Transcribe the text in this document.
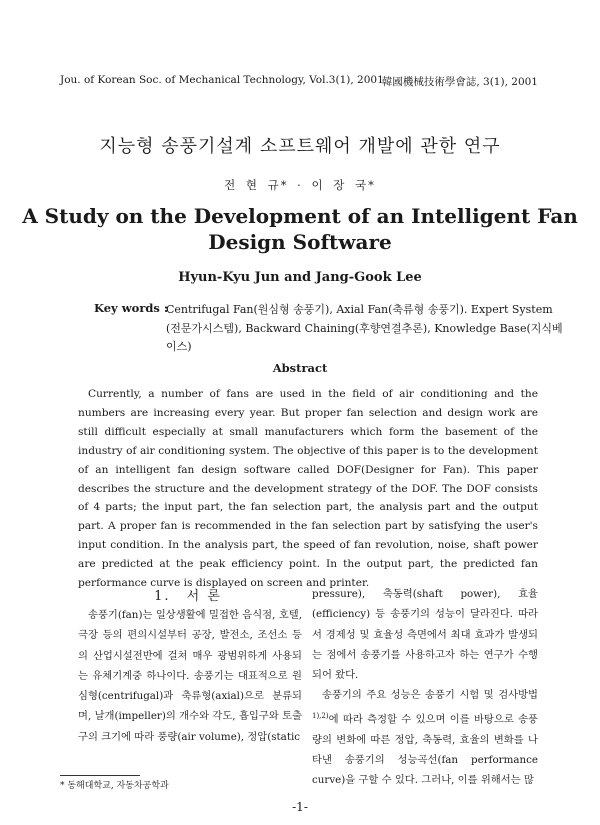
Jou. of Korean Soc. of Mechanical Technology, Vol.3(1), 2001
韓國機械技術學會誌, 3(1), 2001
지능형 송풍기설계 소프트웨어 개발에 관한 연구
전 현 규* · 이 장 국*
A Study on the Development of an Intelligent Fan Design Software
Hyun-Kyu Jun and Jang-Gook Lee
Key words :
Centrifugal Fan(원심형 송풍기), Axial Fan(축류형 송풍기). Expert System (전문가시스템), Backward Chaining(후향연결추론), Knowledge Base(지식베이스)
Abstract

Currently, a number of fans are used in the field of air conditioning and the numbers are increasing every year. But proper fan selection and design work are still difficult especially at small manufacturers which form the basement of the industry of air conditioning system. The objective of this paper is to the development of an intelligent fan design software called DOF(Designer for Fan). This paper describes the structure and the development strategy of the DOF. The DOF consists of 4 parts; the input part, the fan selection part, the analysis part and the output part. A proper fan is recommended in the fan selection part by satisfying the user's input condition. In the analysis part, the speed of fan revolution, noise, shaft power are predicted at the peak efficiency point. In the output part, the predicted fan performance curve is displayed on screen and printer.

1. 서 론

송풍기(fan)는 일상생활에 밀접한 음식점, 호텔, 극장 등의 편의시설부터 공장, 발전소, 조선소 등의 산업시설전반에 걸쳐 매우 광범위하게 사용되는 유체기계중 하나이다. 송풍기는 대표적으로 원심형(centrifugal)과 축류형(axial)으로 분류되며, 날개(impeller)의 개수와 각도, 흡입구와 토출구의 크기에 따라 풍량(air volume), 정압(static

pressure), 축동력(shaft power), 효율(efficiency) 등 송풍기의 성능이 달라진다. 따라서 경제성 및 효율성 측면에서 최대 효과가 발생되는 점에서 송풍기를 사용하고자 하는 연구가 수행되어 왔다.

송풍기의 주요 성능은 송풍기 시험 및 검사방법$^{1),2)}$에 따라 측정할 수 있으며 이를 바탕으로 송풍량의 변화에 따른 정압, 축동력, 효율의 변화를 나타낸 송풍기의 성능곡선(fan performance curve)을 구할 수 있다. 그러나, 이를 위해서는 많

* 동해대학교, 자동차공학과
-1-
